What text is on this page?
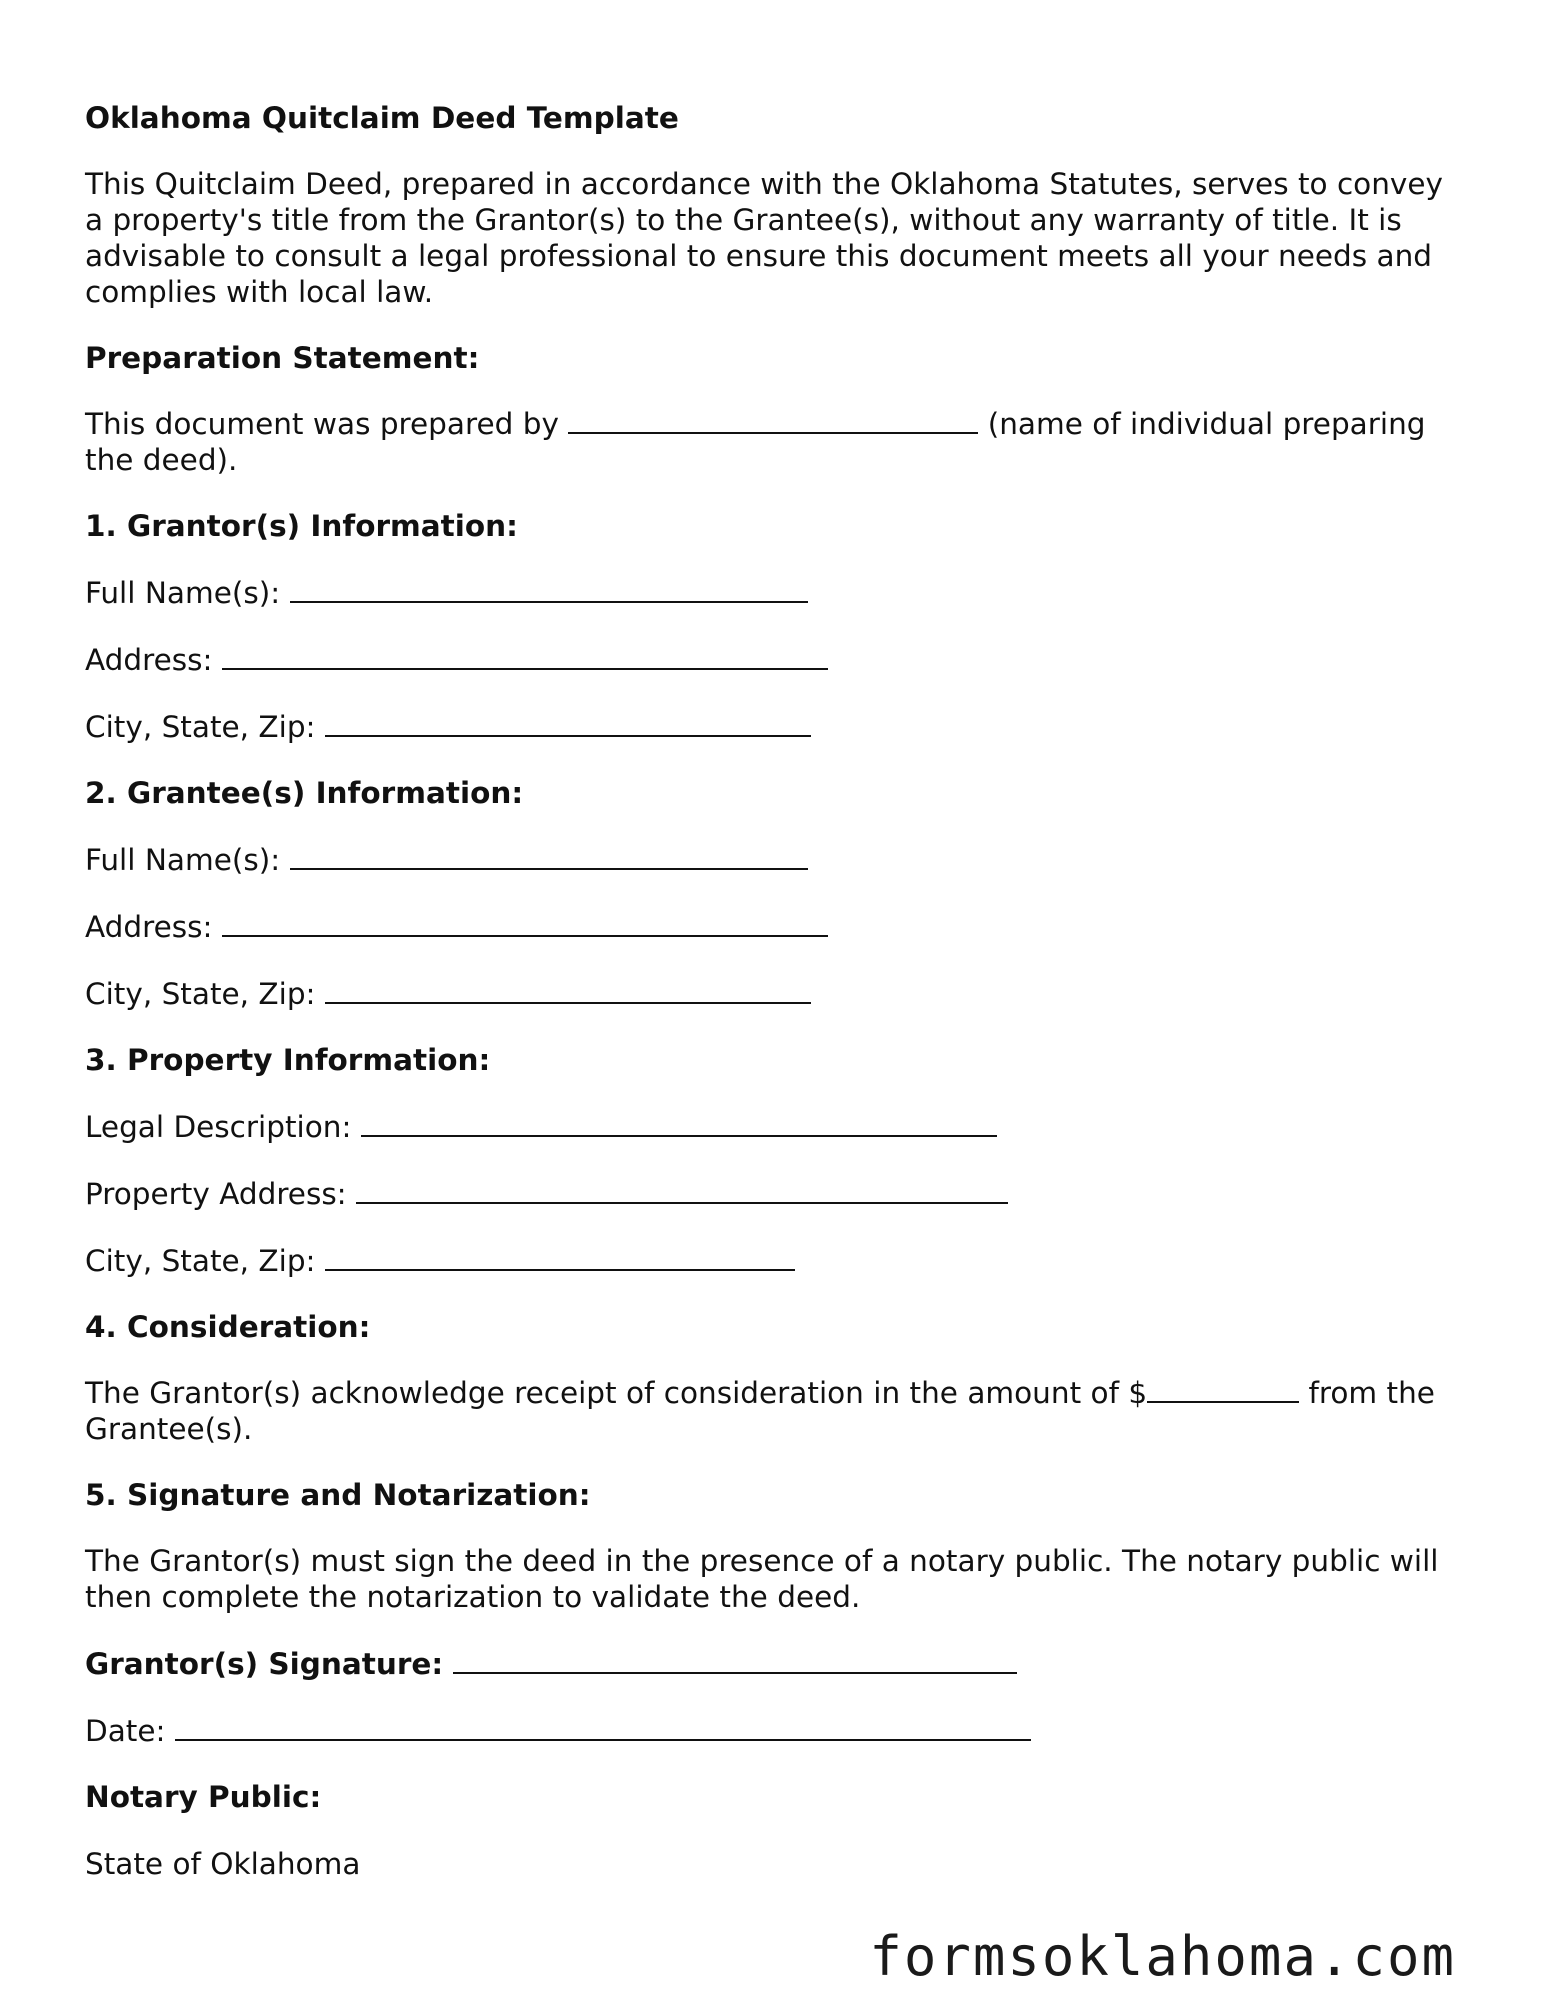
Oklahoma Quitclaim Deed Template

This Quitclaim Deed, prepared in accordance with the Oklahoma Statutes, serves to convey a property's title from the Grantor(s) to the Grantee(s), without any warranty of title. It is advisable to consult a legal professional to ensure this document meets all your needs and complies with local law.

Preparation Statement:

This document was prepared by	(name of individual preparing the deed).

1. Grantor(s) Information:

Full Name(s):

Address:

City, State, Zip:

2. Grantee(s) Information:

Full Name(s):

Address:

City, State, Zip:

3. Property Information:

Legal Description:

Property Address:

City, State, Zip:

4. Consideration:

The Grantor(s) acknowledge receipt of consideration in the amount of $	from the Grantee(s).

5. Signature and Notarization:

The Grantor(s) must sign the deed in the presence of a notary public. The notary public will then complete the notarization to validate the deed.

Grantor(s) Signature:

Date:

Notary Public:

State of Oklahoma

formsoklahoma.com
